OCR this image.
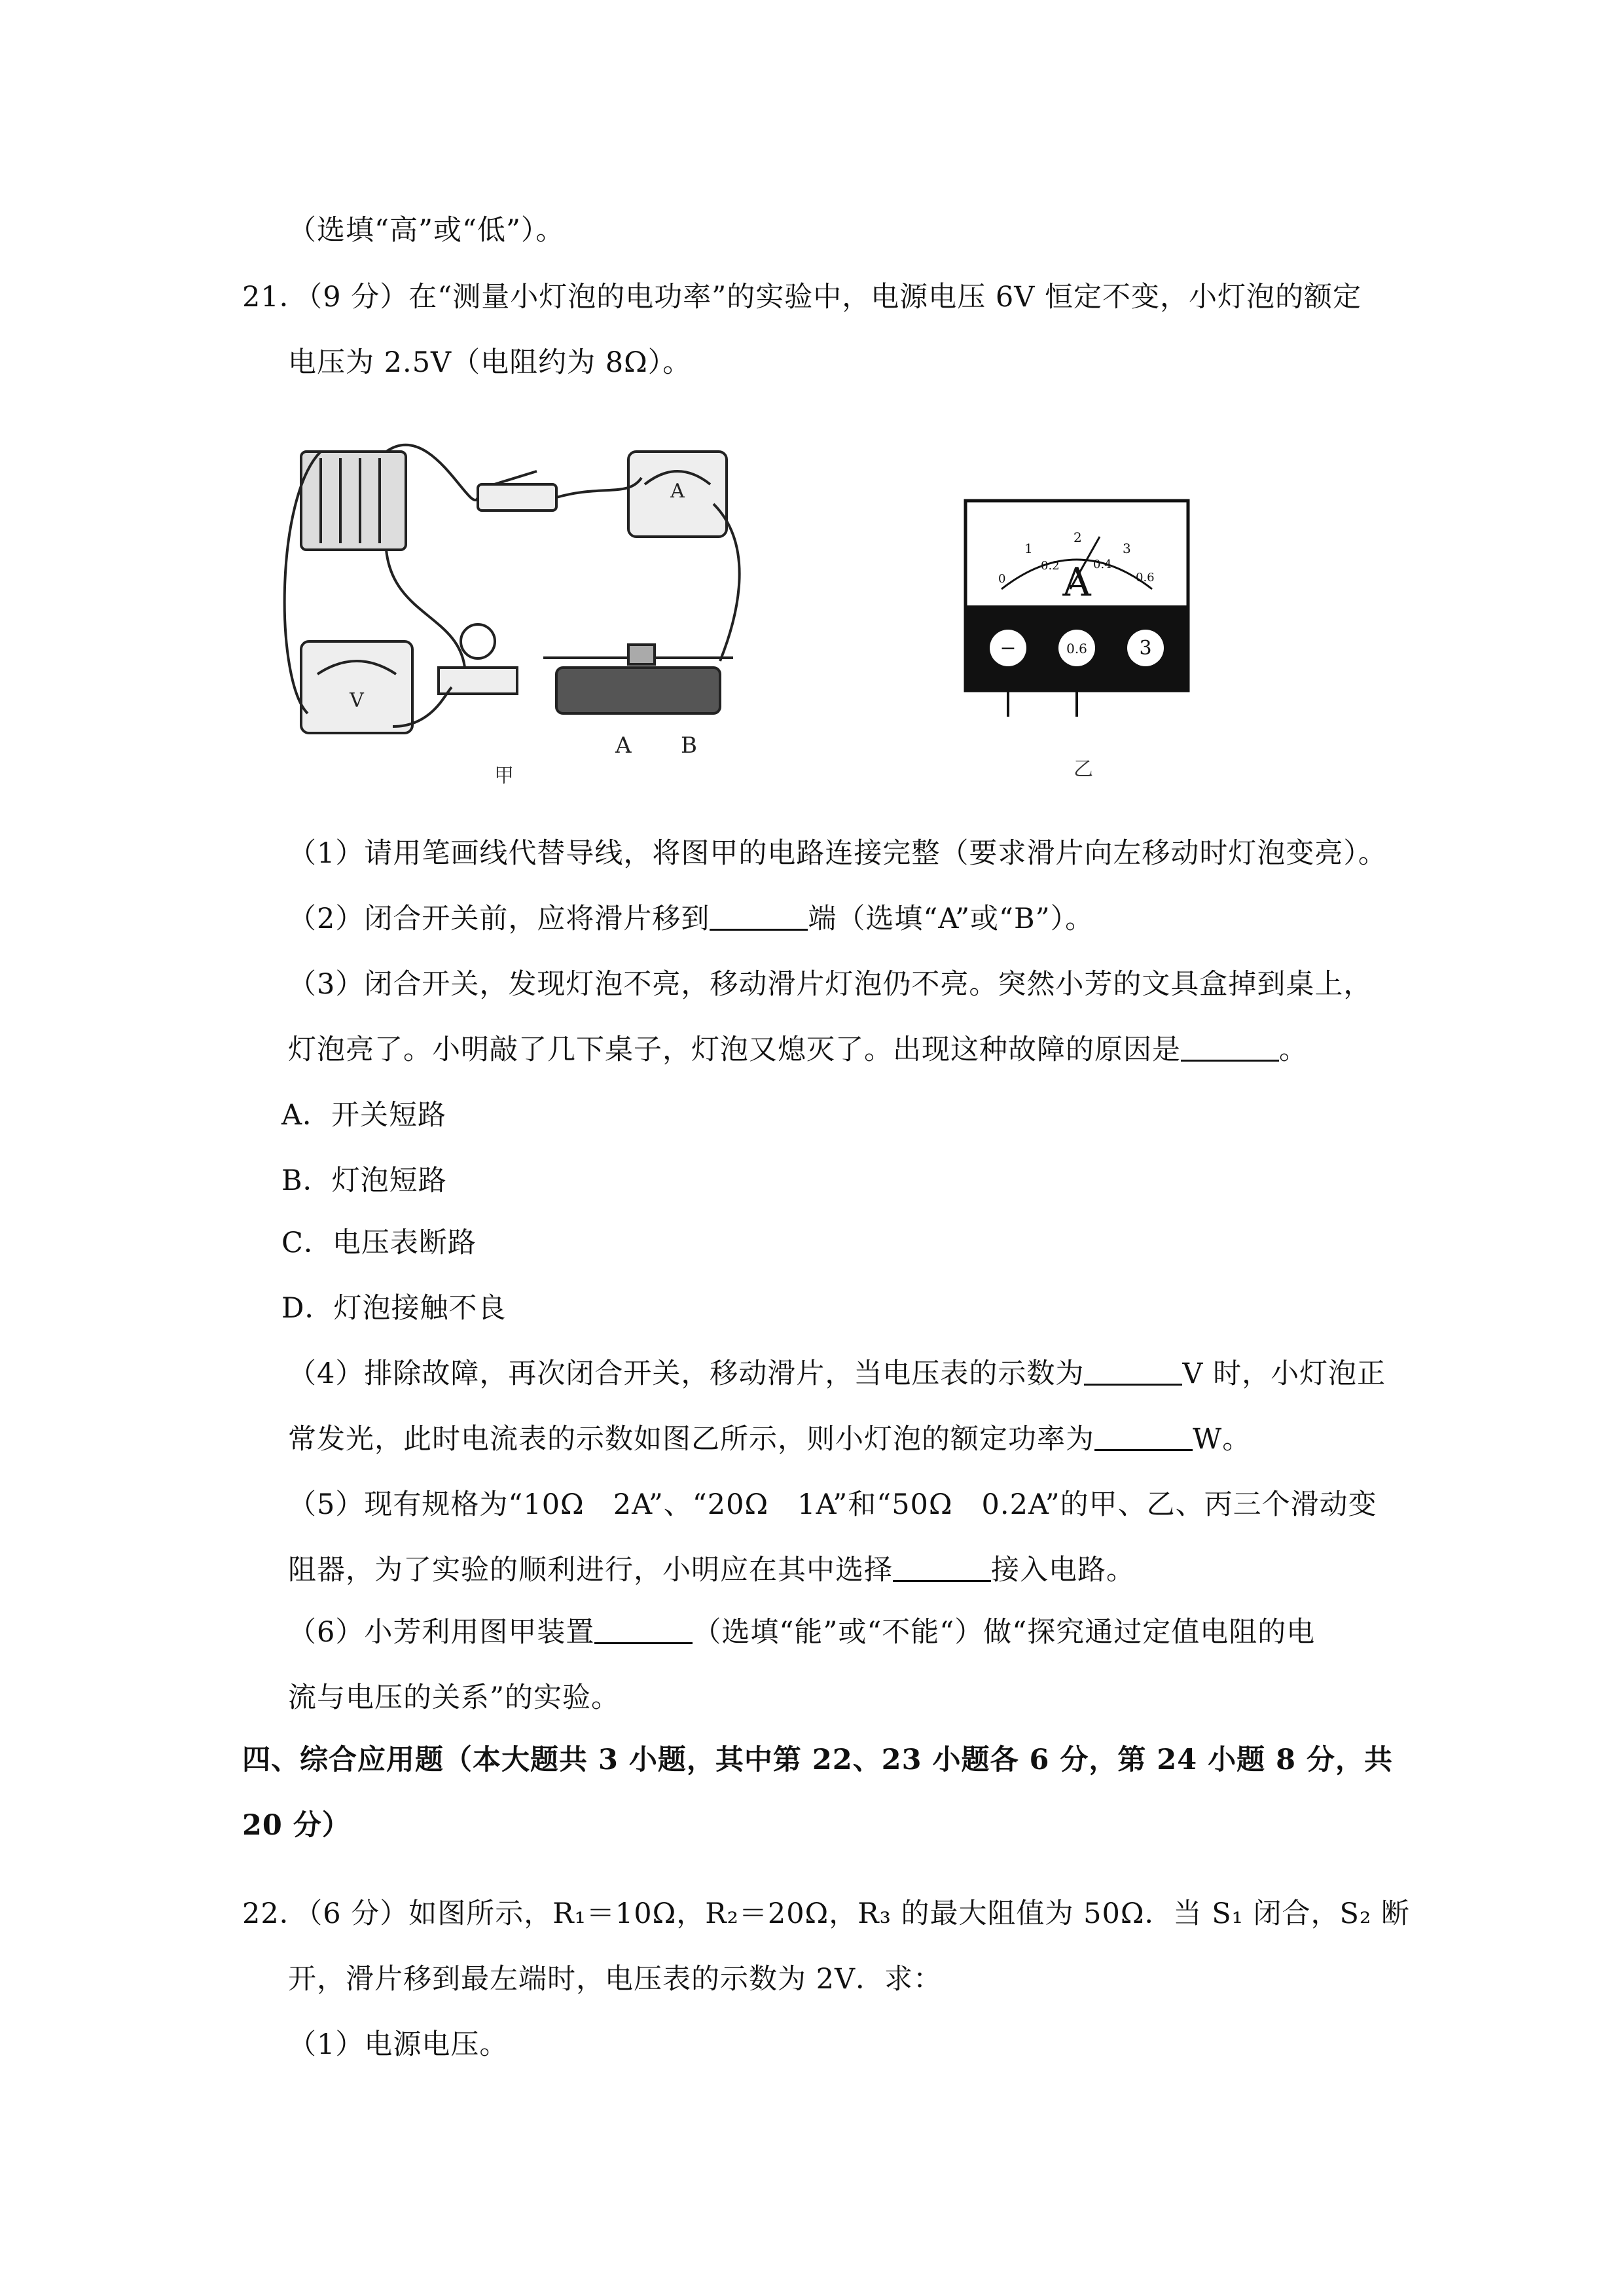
（选填“高”或“低”）。
21．（9 分）在“测量小灯泡的电功率”的实验中，电源电压 6V 恒定不变，小灯泡的额定
电压为 2.5V（电阻约为 8Ω）。
V
A
A B
甲
A
1
2
3
0
0.2	0.4
0.6
−	0.6	3
乙
（1）请用笔画线代替导线，将图甲的电路连接完整（要求滑片向左移动时灯泡变亮）。
（2）闭合开关前，应将滑片移到	端（选填“A”或“B”）。
（3）闭合开关，发现灯泡不亮，移动滑片灯泡仍不亮。突然小芳的文具盒掉到桌上，
灯泡亮了。小明敲了几下桌子，灯泡又熄灭了。出现这种故障的原因是	。
A．开关短路
B．灯泡短路
C．电压表断路
D．灯泡接触不良
（4）排除故障，再次闭合开关，移动滑片，当电压表的示数为	V 时，小灯泡正
常发光，此时电流表的示数如图乙所示，则小灯泡的额定功率为	W。
（5）现有规格为“10Ω　2A”、“20Ω　1A”和“50Ω　0.2A”的甲、乙、丙三个滑动变
阻器，为了实验的顺利进行，小明应在其中选择	接入电路。
（6）小芳利用图甲装置	（选填“能”或“不能“）做“探究通过定值电阻的电
流与电压的关系”的实验。
四、综合应用题（本大题共 3 小题，其中第 22、23 小题各 6 分，第 24 小题 8 分，共
20 分）
22．（6 分）如图所示，R₁＝10Ω，R₂＝20Ω，R₃ 的最大阻值为 50Ω．当 S₁ 闭合，S₂ 断
开，滑片移到最左端时，电压表的示数为 2V．求：
（1）电源电压。
